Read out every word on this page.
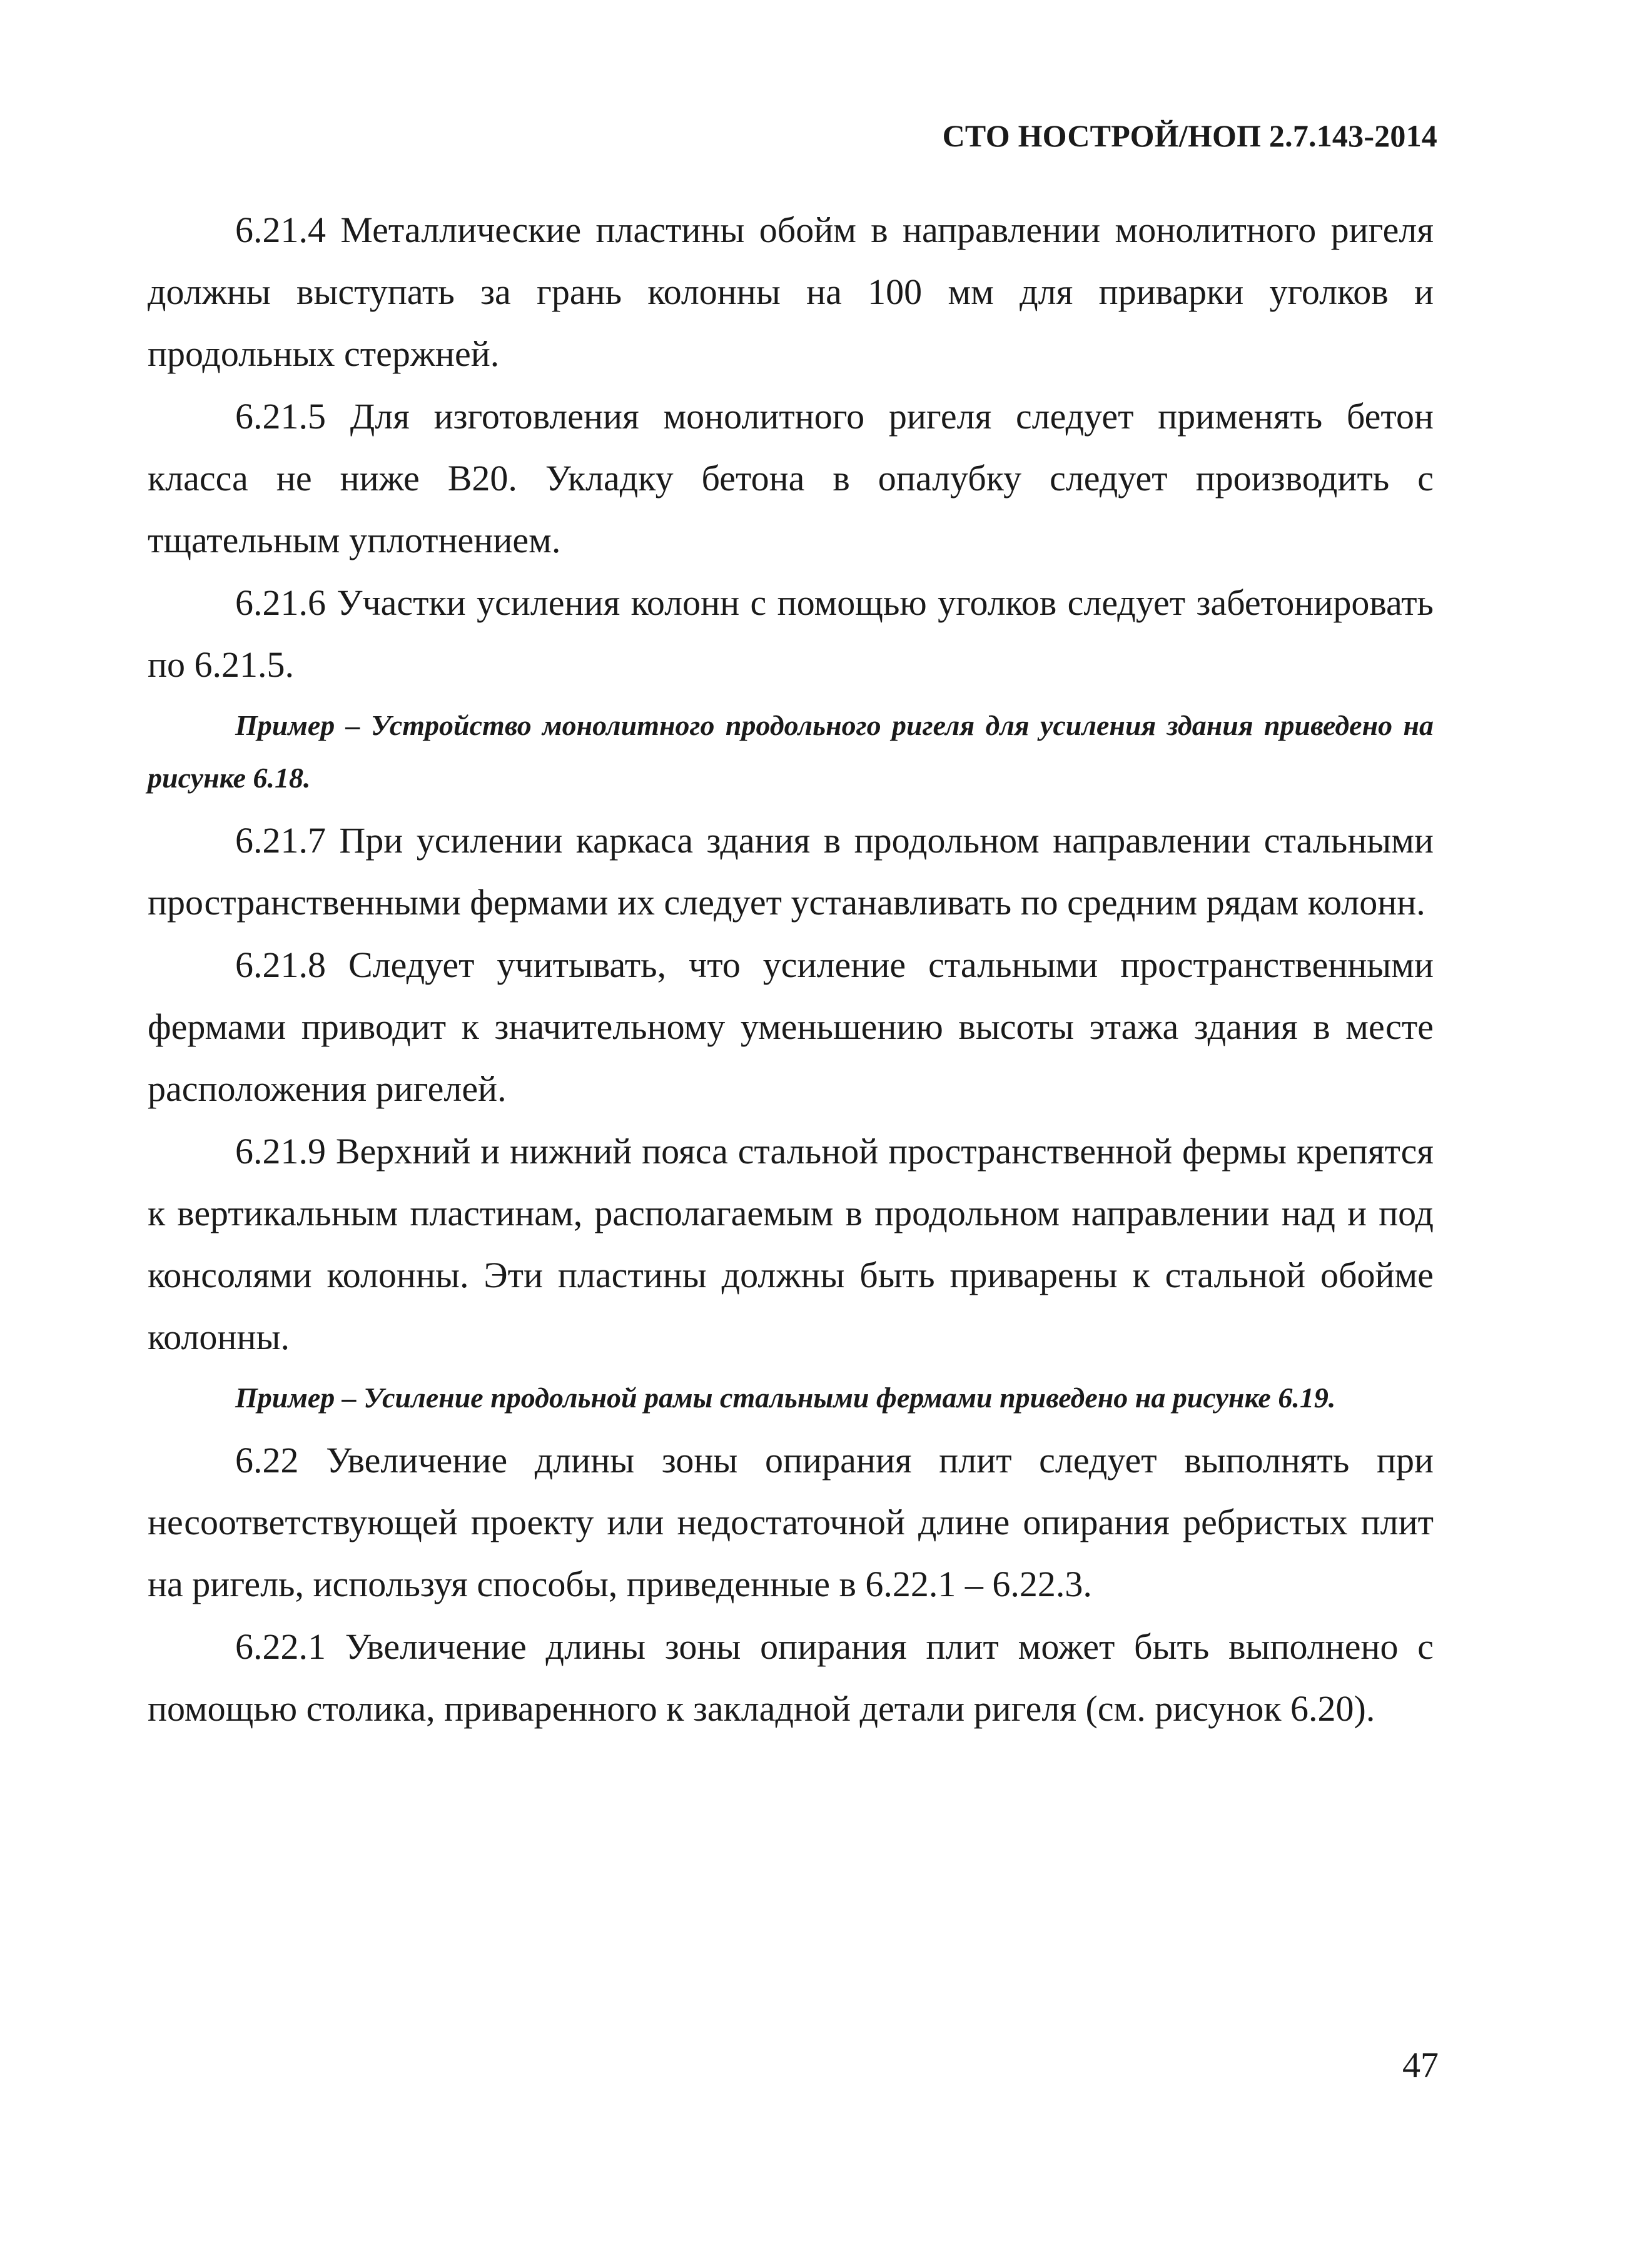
СТО НОСТРОЙ/НОП 2.7.143-2014

6.21.4 Металлические пластины обойм в направлении монолитного ригеля должны выступать за грань колонны на 100 мм для приварки уголков и продольных стержней.

6.21.5 Для изготовления монолитного ригеля следует применять бетон класса не ниже В20. Укладку бетона в опалубку следует производить с тщательным уплотнением.

6.21.6 Участки усиления колонн с помощью уголков следует забетонировать по 6.21.5.

Пример – Устройство монолитного продольного ригеля для усиления здания приведено на рисунке 6.18.

6.21.7 При усилении каркаса здания в продольном направлении стальными пространственными фермами их следует устанавливать по средним рядам колонн.

6.21.8 Следует учитывать, что усиление стальными пространственными фермами приводит к значительному уменьшению высоты этажа здания в месте расположения ригелей.

6.21.9 Верхний и нижний пояса стальной пространственной фермы крепятся к вертикальным пластинам, располагаемым в продольном направлении над и под консолями колонны. Эти пластины должны быть приварены к стальной обойме колонны.

Пример – Усиление продольной рамы стальными фермами приведено на рисунке 6.19.

6.22 Увеличение длины зоны опирания плит следует выполнять при несоответствующей проекту или недостаточной длине опирания ребристых плит на ригель, используя способы, приведенные в 6.22.1 – 6.22.3.

6.22.1 Увеличение длины зоны опирания плит может быть выполнено с помощью столика, приваренного к закладной детали ригеля (см. рисунок 6.20).

47
